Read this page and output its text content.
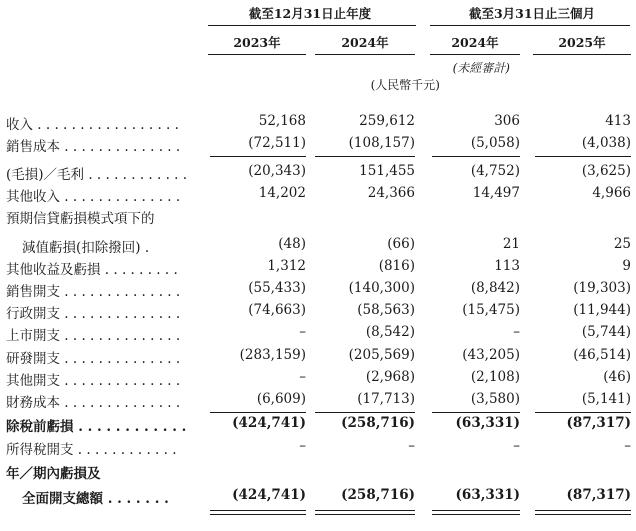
截至12月31日止年度	截至3月31日止三個月
2023年	2024年	2024年	2025年
(未經審計)
(人民幣千元)
收入 . . . . . . . . . . . . . . . . .	52,168	259,612	306	413
銷售成本 . . . . . . . . . . . . . .	(72,511)	(108,157)	(5,058)	(4,038)
(毛損)／毛利 . . . . . . . . . . . .	(20,343)	151,455	(4,752)	(3,625)
其他收入 . . . . . . . . . . . . . .	14,202	24,366	14,497	4,966
預期信貸虧損模式項下的
減值虧損(扣除撥回) .	(48)	(66)	21	25
其他收益及虧損 . . . . . . . . .	1,312	(816)	113	9
銷售開支 . . . . . . . . . . . . . .	(55,433)	(140,300)	(8,842)	(19,303)
行政開支 . . . . . . . . . . . . . .	(74,663)	(58,563)	(15,475)	(11,944)
上市開支 . . . . . . . . . . . . . .	–	(8,542)	–	(5,744)
研發開支 . . . . . . . . . . . . . .	(283,159)	(205,569)	(43,205)	(46,514)
其他開支 . . . . . . . . . . . . . .	–	(2,968)	(2,108)	(46)
財務成本 . . . . . . . . . . . . . .	(6,609)	(17,713)	(3,580)	(5,141)
除稅前虧損 . . . . . . . . . . . .	(424,741)	(258,716)	(63,331)	(87,317)
所得稅開支 . . . . . . . . . . . .	–	–	–	–
年／期內虧損及
全面開支總額 . . . . . . .	(424,741)	(258,716)	(63,331)	(87,317)
